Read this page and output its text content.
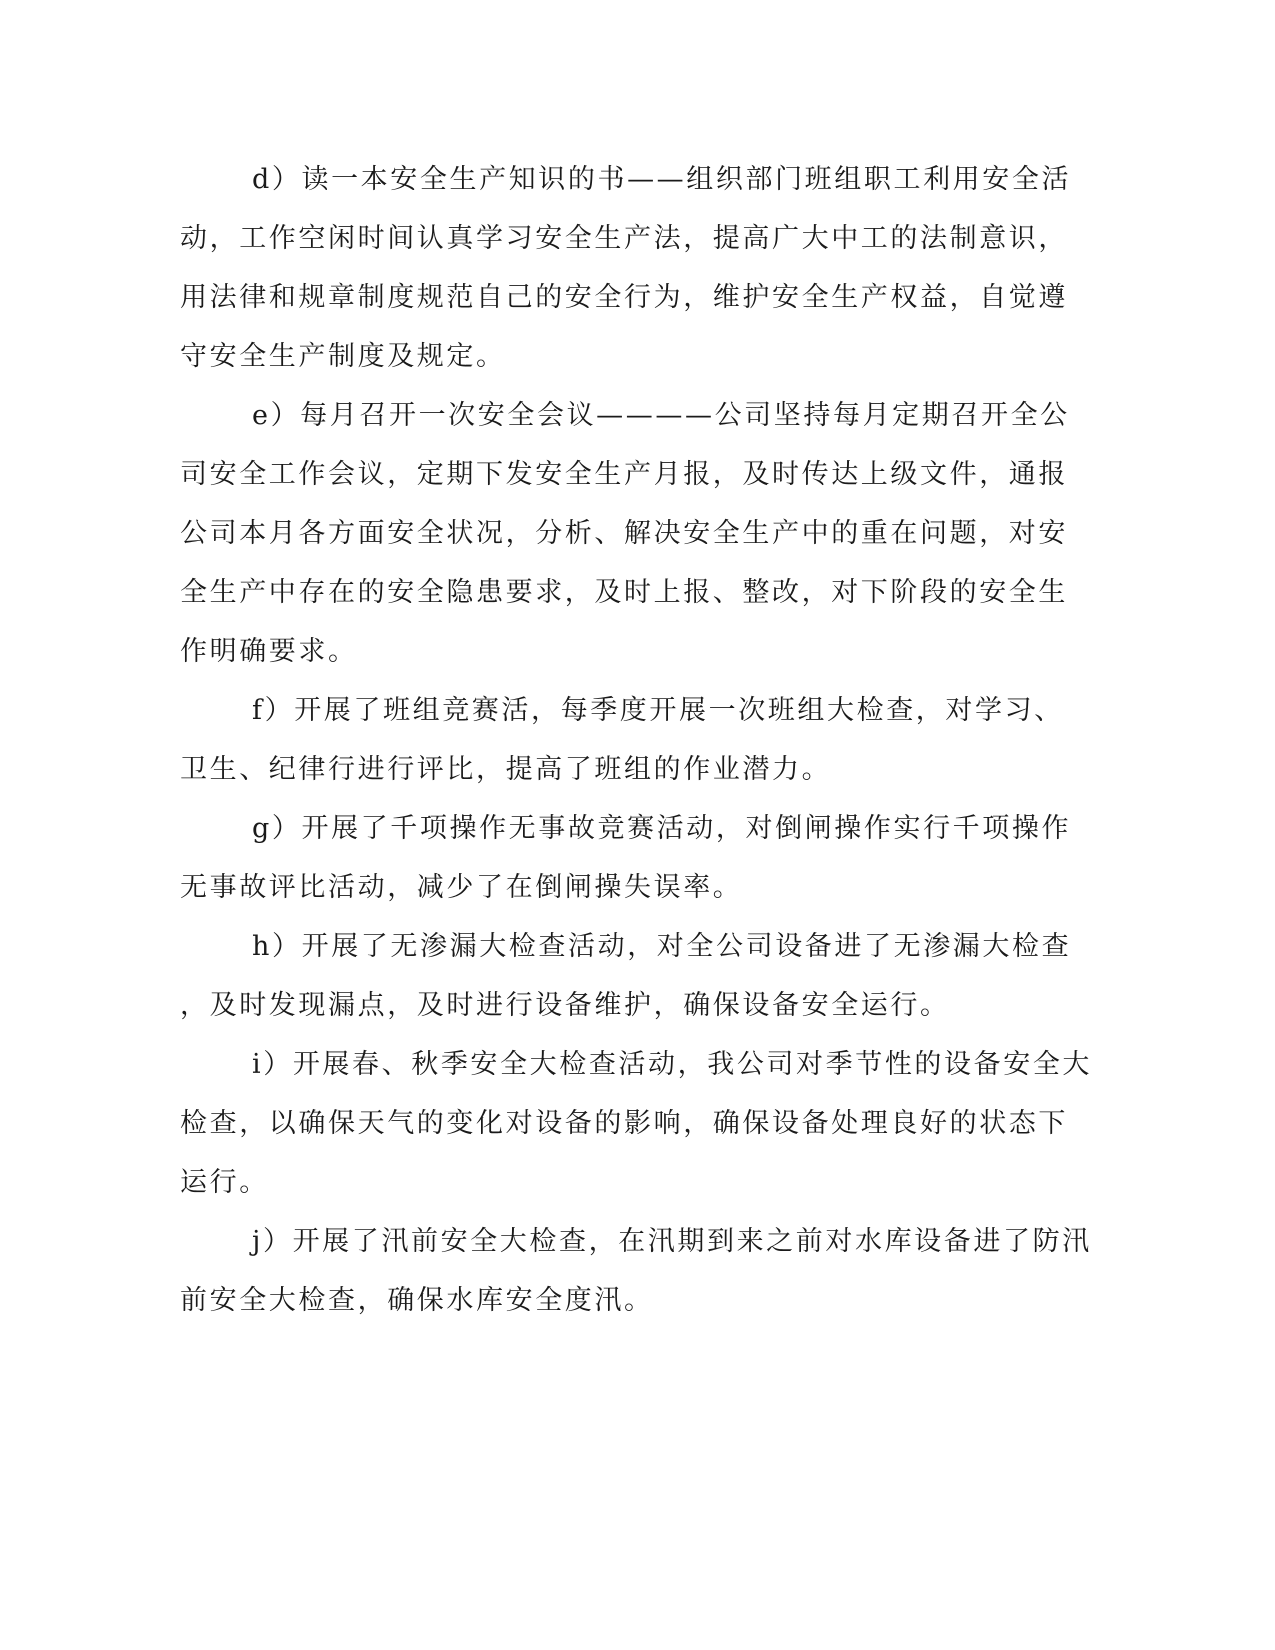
d）读一本安全生产知识的书——组织部门班组职工利用安全活
动，工作空闲时间认真学习安全生产法，提高广大中工的法制意识，
用法律和规章制度规范自己的安全行为，维护安全生产权益，自觉遵
守安全生产制度及规定。
e）每月召开一次安全会议————公司坚持每月定期召开全公
司安全工作会议，定期下发安全生产月报，及时传达上级文件，通报
公司本月各方面安全状况，分析、解决安全生产中的重在问题，对安
全生产中存在的安全隐患要求，及时上报、整改，对下阶段的安全生
作明确要求。
f）开展了班组竞赛活，每季度开展一次班组大检查，对学习、
卫生、纪律行进行评比，提高了班组的作业潜力。
g）开展了千项操作无事故竞赛活动，对倒闸操作实行千项操作
无事故评比活动，减少了在倒闸操失误率。
h）开展了无渗漏大检查活动，对全公司设备进了无渗漏大检查
，及时发现漏点，及时进行设备维护，确保设备安全运行。
i）开展春、秋季安全大检查活动，我公司对季节性的设备安全大
检查，以确保天气的变化对设备的影响，确保设备处理良好的状态下
运行。
j）开展了汛前安全大检查，在汛期到来之前对水库设备进了防汛
前安全大检查，确保水库安全度汛。
